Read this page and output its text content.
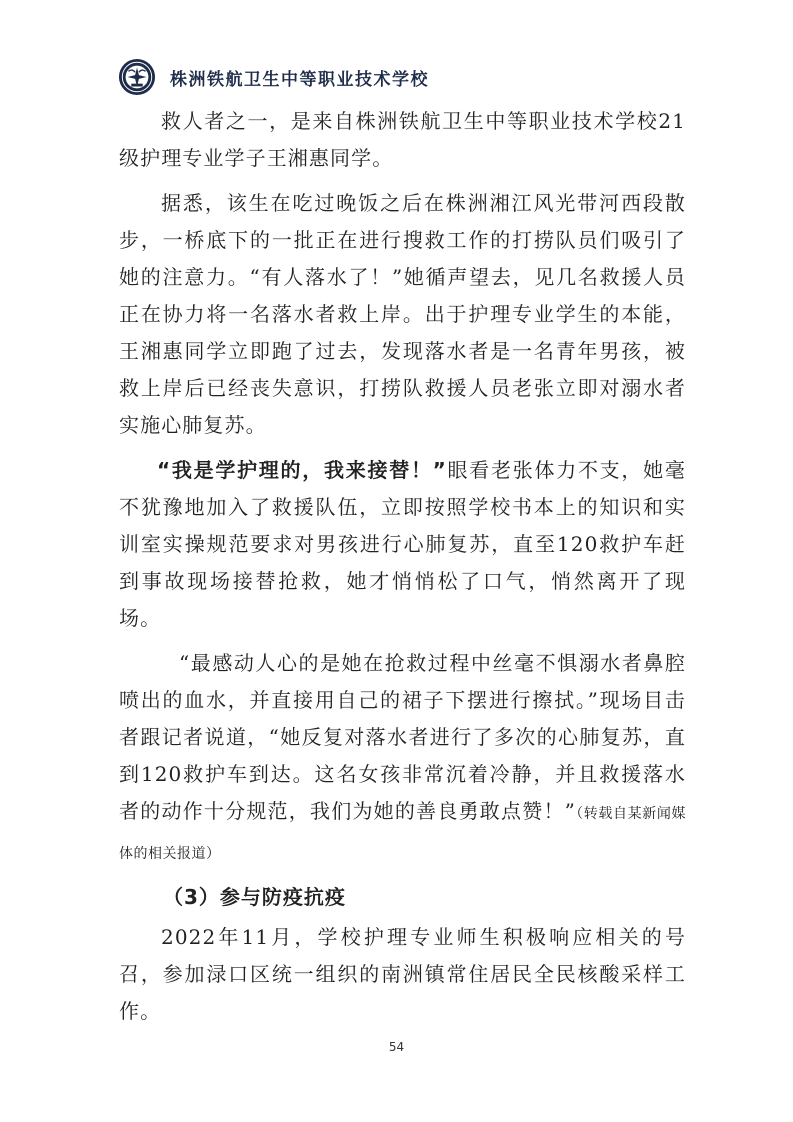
株洲铁航卫生中等职业技术学校

救人者之一，是来自株洲铁航卫生中等职业技术学校21级护理专业学子王湘惠同学。

据悉，该生在吃过晚饭之后在株洲湘江风光带河西段散步，一桥底下的一批正在进行搜救工作的打捞队员们吸引了她的注意力。“有人落水了！”她循声望去，见几名救援人员正在协力将一名落水者救上岸。出于护理专业学生的本能，王湘惠同学立即跑了过去，发现落水者是一名青年男孩，被救上岸后已经丧失意识，打捞队救援人员老张立即对溺水者实施心肺复苏。

“我是学护理的，我来接替！”眼看老张体力不支，她毫不犹豫地加入了救援队伍，立即按照学校书本上的知识和实训室实操规范要求对男孩进行心肺复苏，直至120救护车赶到事故现场接替抢救，她才悄悄松了口气，悄然离开了现场。

“最感动人心的是她在抢救过程中丝毫不惧溺水者鼻腔喷出的血水，并直接用自己的裙子下摆进行擦拭。”现场目击者跟记者说道，“她反复对落水者进行了多次的心肺复苏，直到120救护车到达。这名女孩非常沉着冷静，并且救援落水者的动作十分规范，我们为她的善良勇敢点赞！”（转载自某新闻媒体的相关报道）

（3）参与防疫抗疫

2022年11月，学校护理专业师生积极响应相关的号召，参加渌口区统一组织的南洲镇常住居民全民核酸采样工作。

54
